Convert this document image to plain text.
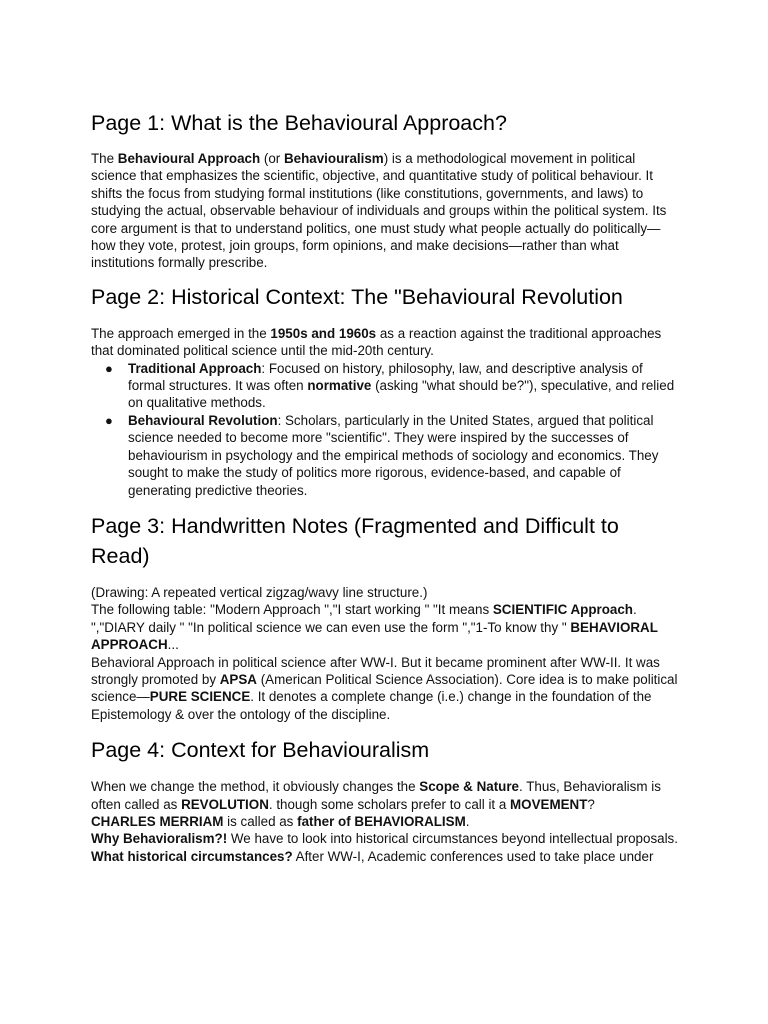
Page 1: What is the Behavioural Approach?

The Behavioural Approach (or Behaviouralism) is a methodological movement in political science that emphasizes the scientific, objective, and quantitative study of political behaviour. It shifts the focus from studying formal institutions (like constitutions, governments, and laws) to studying the actual, observable behaviour of individuals and groups within the political system. Its core argument is that to understand politics, one must study what people actually do politically—how they vote, protest, join groups, form opinions, and make decisions—rather than what institutions formally prescribe.

Page 2: Historical Context: The "Behavioural Revolution

The approach emerged in the 1950s and 1960s as a reaction against the traditional approaches that dominated political science until the mid-20th century.

● Traditional Approach: Focused on history, philosophy, law, and descriptive analysis of formal structures. It was often normative (asking "what should be?"), speculative, and relied on qualitative methods.
● Behavioural Revolution: Scholars, particularly in the United States, argued that political science needed to become more "scientific". They were inspired by the successes of behaviourism in psychology and the empirical methods of sociology and economics. They sought to make the study of politics more rigorous, evidence-based, and capable of generating predictive theories.
Page 3: Handwritten Notes (Fragmented and Difficult to Read)

(Drawing: A repeated vertical zigzag/wavy line structure.)

The following table: "Modern Approach ","I start working " "It means SCIENTIFIC Approach. ","DIARY daily " "In political science we can even use the form ","1-To know thy " BEHAVIORAL APPROACH...

Behavioral Approach in political science after WW-I. But it became prominent after WW-II. It was strongly promoted by APSA (American Political Science Association). Core idea is to make political science—PURE SCIENCE. It denotes a complete change (i.e.) change in the foundation of the Epistemology & over the ontology of the discipline.

Page 4: Context for Behaviouralism

When we change the method, it obviously changes the Scope & Nature. Thus, Behavioralism is often called as REVOLUTION. though some scholars prefer to call it a MOVEMENT?

CHARLES MERRIAM is called as father of BEHAVIORALISM.

Why Behavioralism?! We have to look into historical circumstances beyond intellectual proposals.

What historical circumstances? After WW-I, Academic conferences used to take place under
